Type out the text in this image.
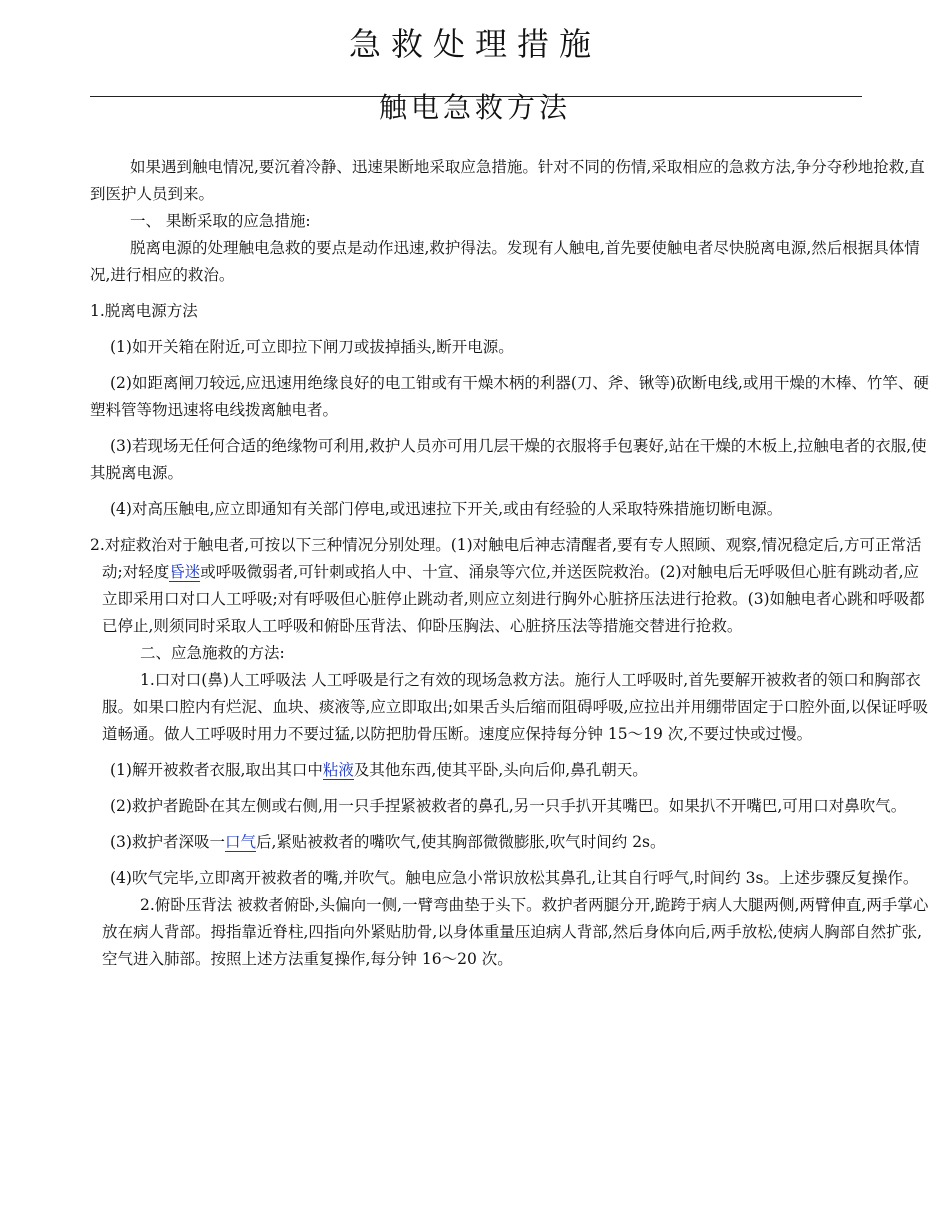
急救处理措施
触电急救方法

如果遇到触电情况,要沉着冷静、迅速果断地采取应急措施。针对不同的伤情,采取相应的急救方法,争分夺秒地抢救,直到医护人员到来。

一、 果断采取的应急措施:

脱离电源的处理触电急救的要点是动作迅速,救护得法。发现有人触电,首先要使触电者尽快脱离电源,然后根据具体情况,进行相应的救治。

1.脱离电源方法

(1)如开关箱在附近,可立即拉下闸刀或拔掉插头,断开电源。

(2)如距离闸刀较远,应迅速用绝缘良好的电工钳或有干燥木柄的利器(刀、斧、锹等)砍断电线,或用干燥的木棒、竹竿、硬塑料管等物迅速将电线拨离触电者。

(3)若现场无任何合适的绝缘物可利用,救护人员亦可用几层干燥的衣服将手包裹好,站在干燥的木板上,拉触电者的衣服,使其脱离电源。

(4)对高压触电,应立即通知有关部门停电,或迅速拉下开关,或由有经验的人采取特殊措施切断电源。

2.对症救治对于触电者,可按以下三种情况分别处理。(1)对触电后神志清醒者,要有专人照顾、观察,情况稳定后,方可正常活动;对轻度昏迷或呼吸微弱者,可针刺或掐人中、十宣、涌泉等穴位,并送医院救治。(2)对触电后无呼吸但心脏有跳动者,应立即采用口对口人工呼吸;对有呼吸但心脏停止跳动者,则应立刻进行胸外心脏挤压法进行抢救。(3)如触电者心跳和呼吸都已停止,则须同时采取人工呼吸和俯卧压背法、仰卧压胸法、心脏挤压法等措施交替进行抢救。

二、应急施救的方法:

1.口对口(鼻)人工呼吸法 人工呼吸是行之有效的现场急救方法。施行人工呼吸时,首先要解开被救者的领口和胸部衣服。如果口腔内有烂泥、血块、痰液等,应立即取出;如果舌头后缩而阻碍呼吸,应拉出并用绷带固定于口腔外面,以保证呼吸道畅通。做人工呼吸时用力不要过猛,以防把肋骨压断。速度应保持每分钟 15～19 次,不要过快或过慢。

(1)解开被救者衣服,取出其口中粘液及其他东西,使其平卧,头向后仰,鼻孔朝天。

(2)救护者跪卧在其左侧或右侧,用一只手捏紧被救者的鼻孔,另一只手扒开其嘴巴。如果扒不开嘴巴,可用口对鼻吹气。

(3)救护者深吸一口气后,紧贴被救者的嘴吹气,使其胸部微微膨胀,吹气时间约 2s。

(4)吹气完毕,立即离开被救者的嘴,并吹气。触电应急小常识放松其鼻孔,让其自行呼气,时间约 3s。上述步骤反复操作。

2.俯卧压背法 被救者俯卧,头偏向一侧,一臂弯曲垫于头下。救护者两腿分开,跪跨于病人大腿两侧,两臂伸直,两手掌心放在病人背部。拇指靠近脊柱,四指向外紧贴肋骨,以身体重量压迫病人背部,然后身体向后,两手放松,使病人胸部自然扩张,空气进入肺部。按照上述方法重复操作,每分钟 16～20 次。
